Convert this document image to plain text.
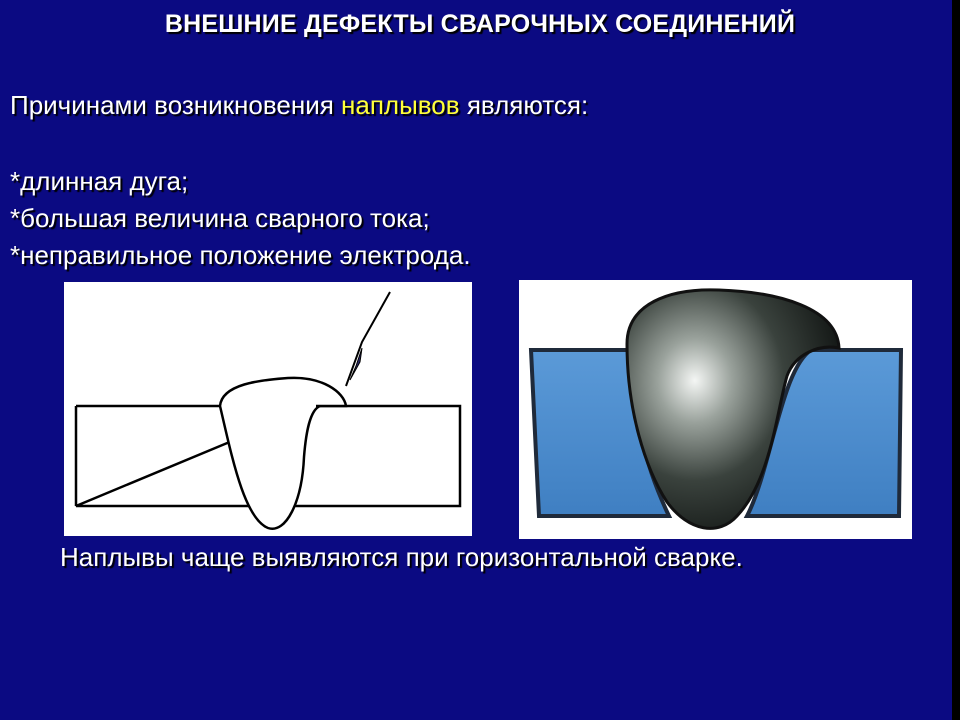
ВНЕШНИЕ ДЕФЕКТЫ СВАРОЧНЫХ СОЕДИНЕНИЙ
Причинами возникновения наплывов являются:
*длинная дуга;
*большая величина сварного тока;
*неправильное положение электрода.
Наплывы чаще выявляются при горизонтальной сварке.
